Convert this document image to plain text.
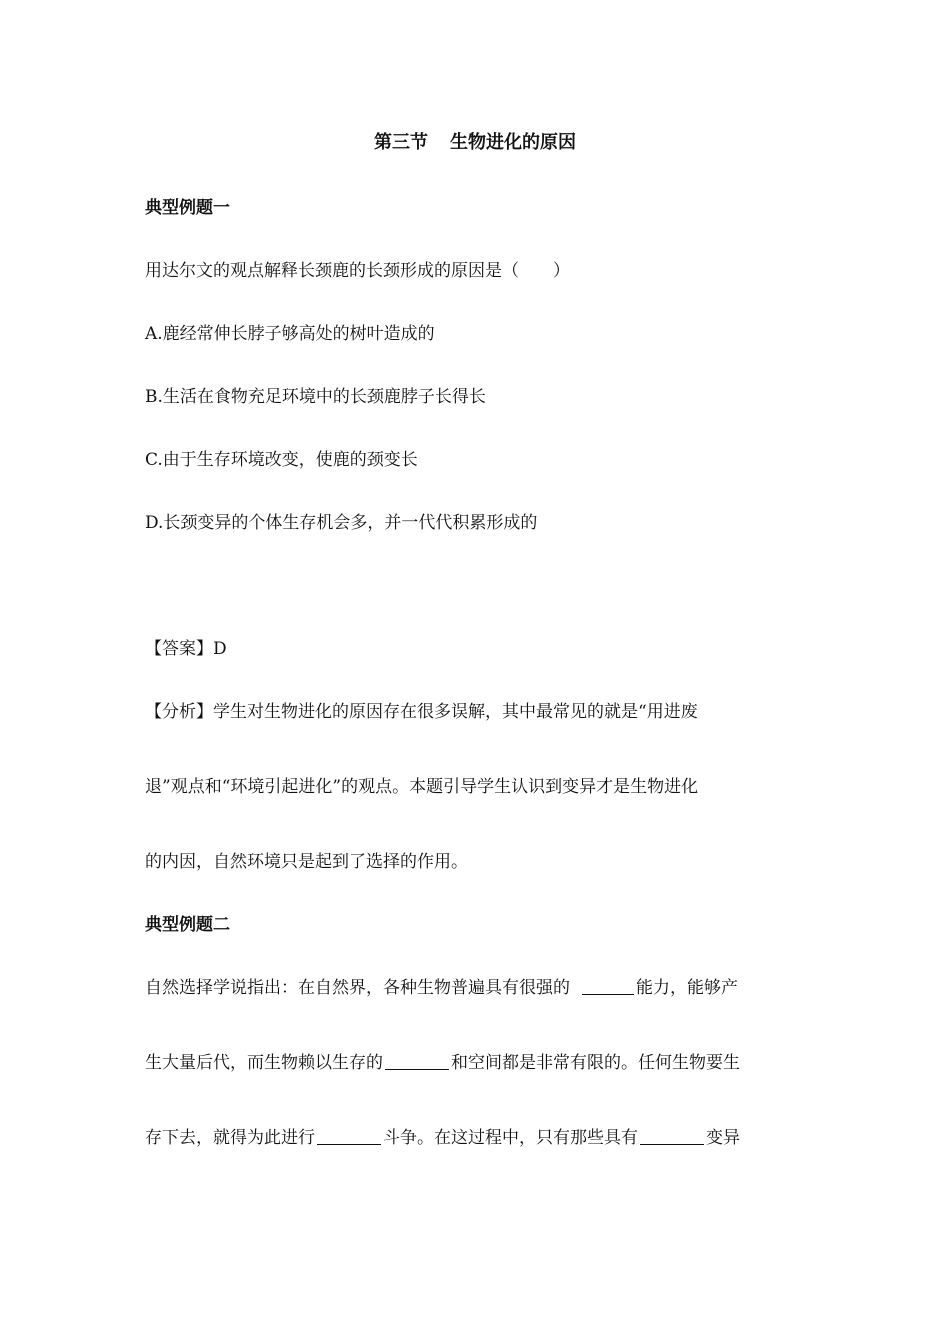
第三节 生物进化的原因
典型例题一
用达尔文的观点解释长颈鹿的长颈形成的原因是（　　）
A.鹿经常伸长脖子够高处的树叶造成的
B.生活在食物充足环境中的长颈鹿脖子长得长
C.由于生存环境改变，使鹿的颈变长
D.长颈变异的个体生存机会多，并一代代积累形成的
【答案】D
【分析】学生对生物进化的原因存在很多误解，其中最常见的就是“用进废
退”观点和“环境引起进化”的观点。本题引导学生认识到变异才是生物进化
的内因，自然环境只是起到了选择的作用。
典型例题二
自然选择学说指出：在自然界，各种生物普遍具有很强的	能力，能够产
生大量后代，而生物赖以生存的	和空间都是非常有限的。任何生物要生
存下去，就得为此进行	斗争。在这过程中，只有那些具有	变异
